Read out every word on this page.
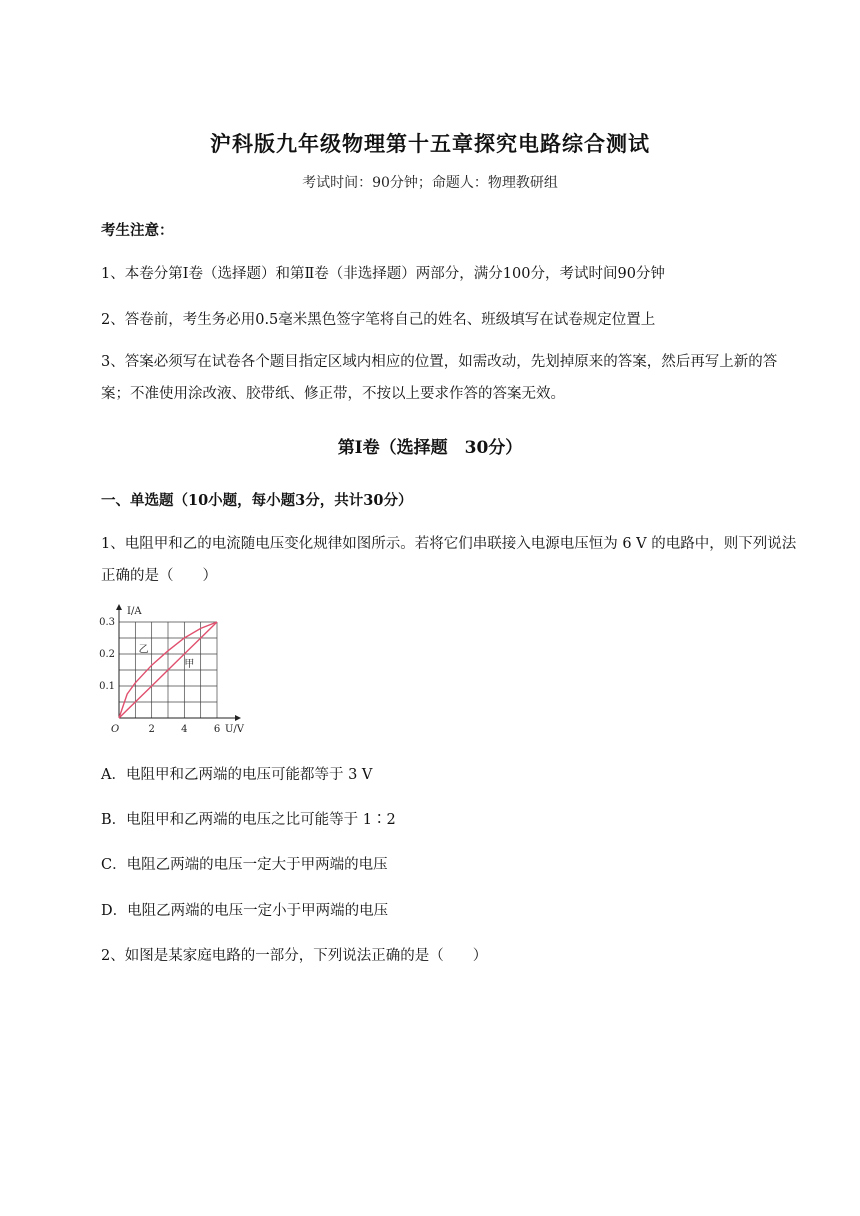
沪科版九年级物理第十五章探究电路综合测试
考试时间：90分钟；命题人：物理教研组
考生注意：
1、本卷分第Ⅰ卷（选择题）和第Ⅱ卷（非选择题）两部分，满分100分，考试时间90分钟
2、答卷前，考生务必用0.5毫米黑色签字笔将自己的姓名、班级填写在试卷规定位置上
3、答案必须写在试卷各个题目指定区域内相应的位置，如需改动，先划掉原来的答案，然后再写上新的答案；不准使用涂改液、胶带纸、修正带，不按以上要求作答的答案无效。
第Ⅰ卷（选择题　30分）
一、单选题（10小题，每小题3分，共计30分）
1、电阻甲和乙的电流随电压变化规律如图所示。若将它们串联接入电源电压恒为 6 V 的电路中，则下列说法正确的是（　　）
2	4	6
0.1
0.2
0.3
O	U/V
I/A
甲
乙
A．电阻甲和乙两端的电压可能都等于 3 V
B．电阻甲和乙两端的电压之比可能等于 1∶2
C．电阻乙两端的电压一定大于甲两端的电压
D．电阻乙两端的电压一定小于甲两端的电压
2、如图是某家庭电路的一部分，下列说法正确的是（　　）
